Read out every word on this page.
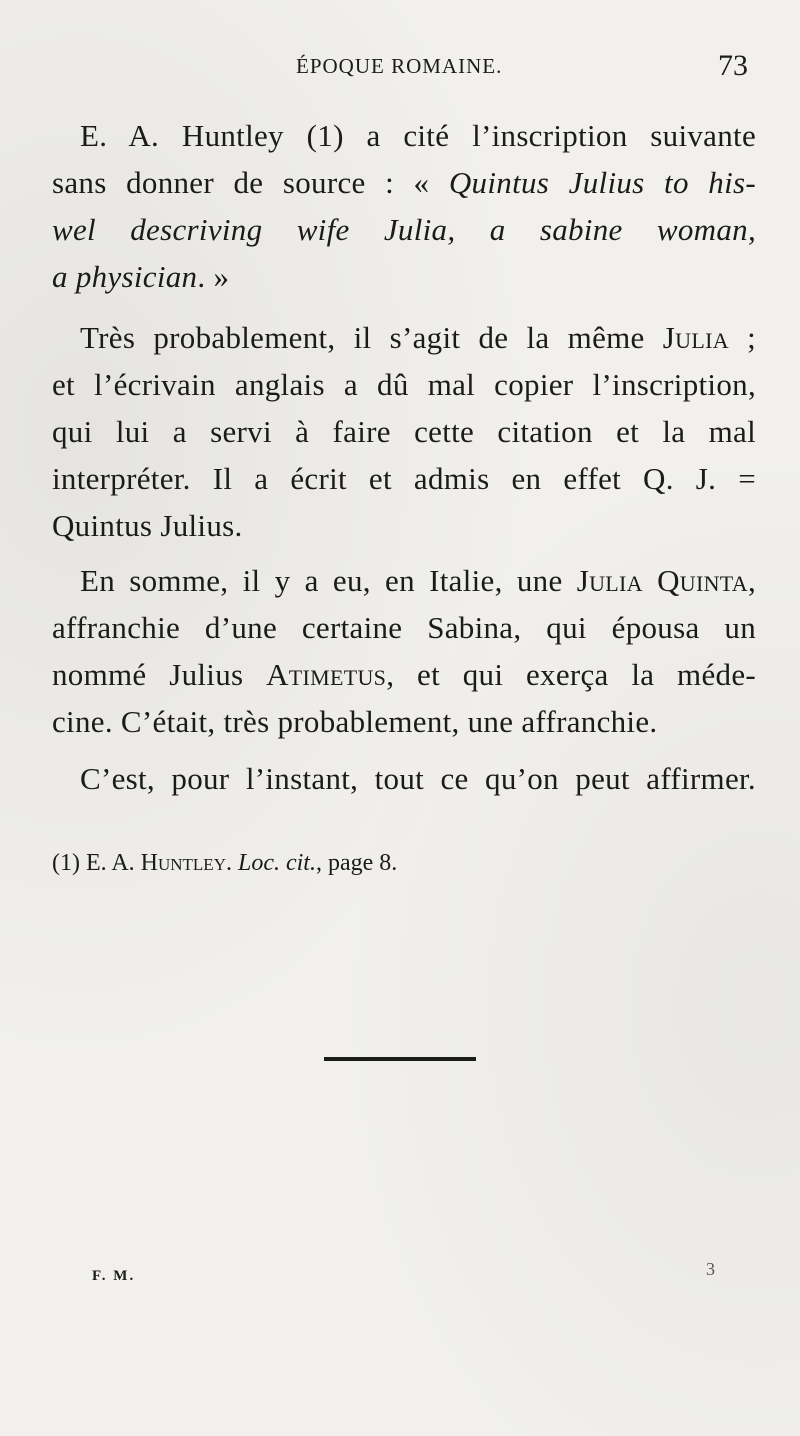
ÉPOQUE ROMAINE.	73
E. A. Huntley (1) a cité l’inscription suivante
sans donner de source : « Quintus Julius to his-
wel descriving wife Julia, a sabine woman,
a physician. »
Très probablement, il s’agit de la même Julia ;
et l’écrivain anglais a dû mal copier l’inscription,
qui lui a servi à faire cette citation et la mal
interpréter. Il a écrit et admis en effet Q. J. =
Quintus Julius.
En somme, il y a eu, en Italie, une Julia Quinta,
affranchie d’une certaine Sabina, qui épousa un
nommé Julius Atimetus, et qui exerça la méde-
cine. C’était, très probablement, une affranchie.
C’est, pour l’instant, tout ce qu’on peut affirmer.
(1) E. A. Huntley. Loc. cit., page 8.
F. M.	3
